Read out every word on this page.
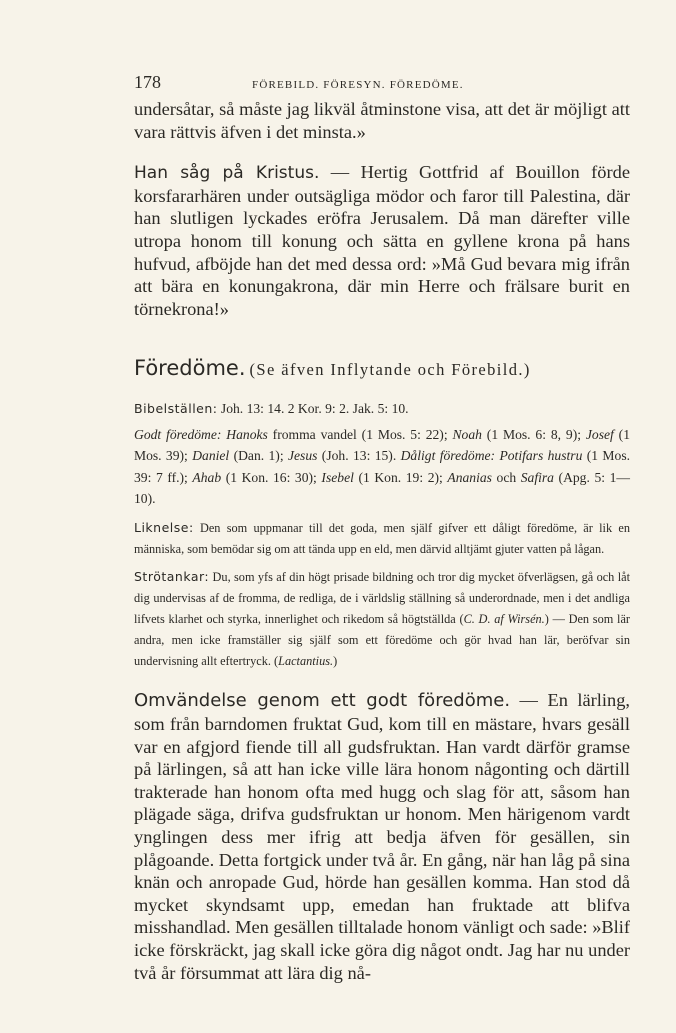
178	FÖREBILD. FÖRESYN. FÖREDÖME.

undersåtar, så måste jag likväl åtminstone visa, att det är möjligt att vara rättvis äfven i det minsta.»

Han såg på Kristus. — Hertig Gottfrid af Bouillon förde korsfararhären under outsägliga mödor och faror till Palestina, där han slutligen lyckades eröfra Jerusalem. Då man därefter ville utropa honom till konung och sätta en gyllene krona på hans hufvud, afböjde han det med dessa ord: »Må Gud bevara mig ifrån att bära en konungakrona, där min Herre och frälsare burit en törnekrona!»

Föredöme. (Se äfven Inflytande och Förebild.)

Bibelställen: Joh. 13: 14. 2 Kor. 9: 2. Jak. 5: 10.

Godt föredöme: Hanoks fromma vandel (1 Mos. 5: 22); Noah (1 Mos. 6: 8, 9); Josef (1 Mos. 39); Daniel (Dan. 1); Jesus (Joh. 13: 15). Dåligt föredöme: Potifars hustru (1 Mos. 39: 7 ff.); Ahab (1 Kon. 16: 30); Isebel (1 Kon. 19: 2); Ananias och Safira (Apg. 5: 1—10).

Liknelse: Den som uppmanar till det goda, men själf gifver ett dåligt föredöme, är lik en människa, som bemödar sig om att tända upp en eld, men därvid alltjämt gjuter vatten på lågan.

Strötankar: Du, som yfs af din högt prisade bildning och tror dig mycket öfverlägsen, gå och låt dig undervisas af de fromma, de redliga, de i världslig ställning så underordnade, men i det andliga lifvets klarhet och styrka, innerlighet och rikedom så högtställda (C. D. af Wirsén.) — Den som lär andra, men icke framställer sig själf som ett föredöme och gör hvad han lär, beröfvar sin undervisning allt eftertryck. (Lactantius.)

Omvändelse genom ett godt föredöme. — En lärling, som från barndomen fruktat Gud, kom till en mästare, hvars gesäll var en afgjord fiende till all gudsfruktan. Han vardt därför gramse på lärlingen, så att han icke ville lära honom någonting och därtill trakterade han honom ofta med hugg och slag för att, såsom han plägade säga, drifva gudsfruktan ur honom. Men härigenom vardt ynglingen dess mer ifrig att bedja äfven för gesällen, sin plågoande. Detta fortgick under två år. En gång, när han låg på sina knän och anropade Gud, hörde han gesällen komma. Han stod då mycket skyndsamt upp, emedan han fruktade att blifva misshandlad. Men gesällen tilltalade honom vänligt och sade: »Blif icke förskräckt, jag skall icke göra dig något ondt. Jag har nu under två år försummat att lära dig nå-
